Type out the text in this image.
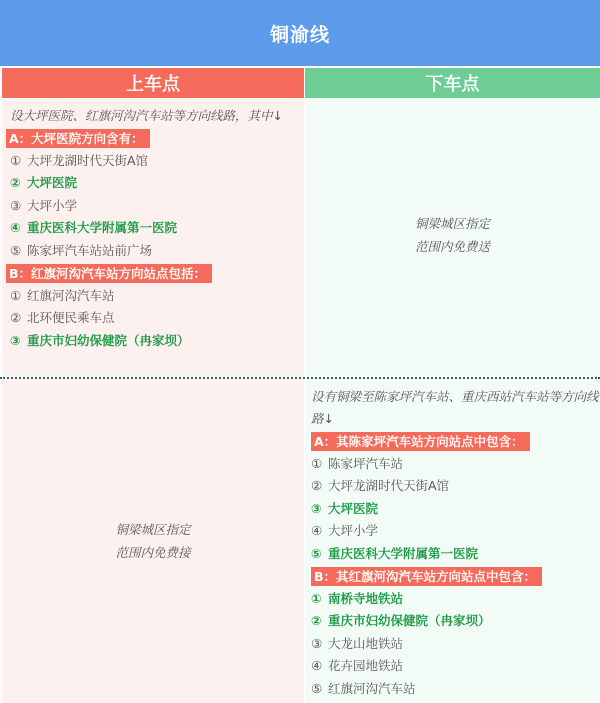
铜渝线
上车点	下车点
设大坪医院、红旗河沟汽车站等方向线路，其中↓
A：大坪医院方向含有：
① 大坪龙湖时代天街A馆
② 大坪医院
③ 大坪小学
④ 重庆医科大学附属第一医院
⑤ 陈家坪汽车站站前广场
B：红旗河沟汽车站方向站点包括：
① 红旗河沟汽车站
② 北环便民乘车点
③ 重庆市妇幼保健院（冉家坝）
铜梁城区指定
范围内免费送
铜梁城区指定
范围内免费接
设有铜梁至陈家坪汽车站、重庆西站汽车站等方向线路↓
A：其陈家坪汽车站方向站点中包含：
① 陈家坪汽车站
② 大坪龙湖时代天街A馆
③ 大坪医院
④ 大坪小学
⑤ 重庆医科大学附属第一医院
B：其红旗河沟汽车站方向站点中包含：
① 南桥寺地铁站
② 重庆市妇幼保健院（冉家坝）
③ 大龙山地铁站
④ 花卉园地铁站
⑤ 红旗河沟汽车站
